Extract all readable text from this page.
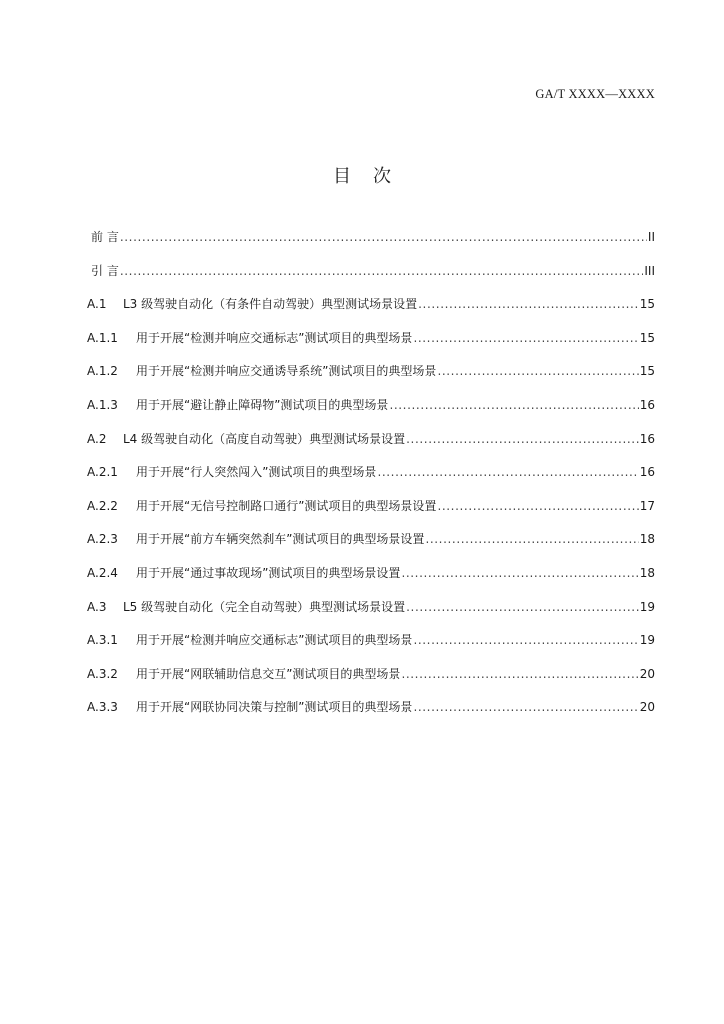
GA/T XXXX—XXXX
目 次
前 言 .....	II
引 言 .....	III
A.1	L3 级驾驶自动化（有条件自动驾驶）典型测试场景设置 .....	15
A.1.1	用于开展“检测并响应交通标志”测试项目的典型场景 .....	15
A.1.2	用于开展“检测并响应交通诱导系统”测试项目的典型场景 .....	15
A.1.3	用于开展“避让静止障碍物”测试项目的典型场景 .....	16
A.2	L4 级驾驶自动化（高度自动驾驶）典型测试场景设置 .....	16
A.2.1	用于开展“行人突然闯入”测试项目的典型场景 .....	16
A.2.2	用于开展“无信号控制路口通行”测试项目的典型场景设置 .....	17
A.2.3	用于开展“前方车辆突然刹车”测试项目的典型场景设置 .....	18
A.2.4	用于开展“通过事故现场”测试项目的典型场景设置 .....	18
A.3	L5 级驾驶自动化（完全自动驾驶）典型测试场景设置 .....	19
A.3.1	用于开展“检测并响应交通标志”测试项目的典型场景 .....	19
A.3.2	用于开展“网联辅助信息交互”测试项目的典型场景 .....	20
A.3.3	用于开展“网联协同决策与控制”测试项目的典型场景 .....	20
